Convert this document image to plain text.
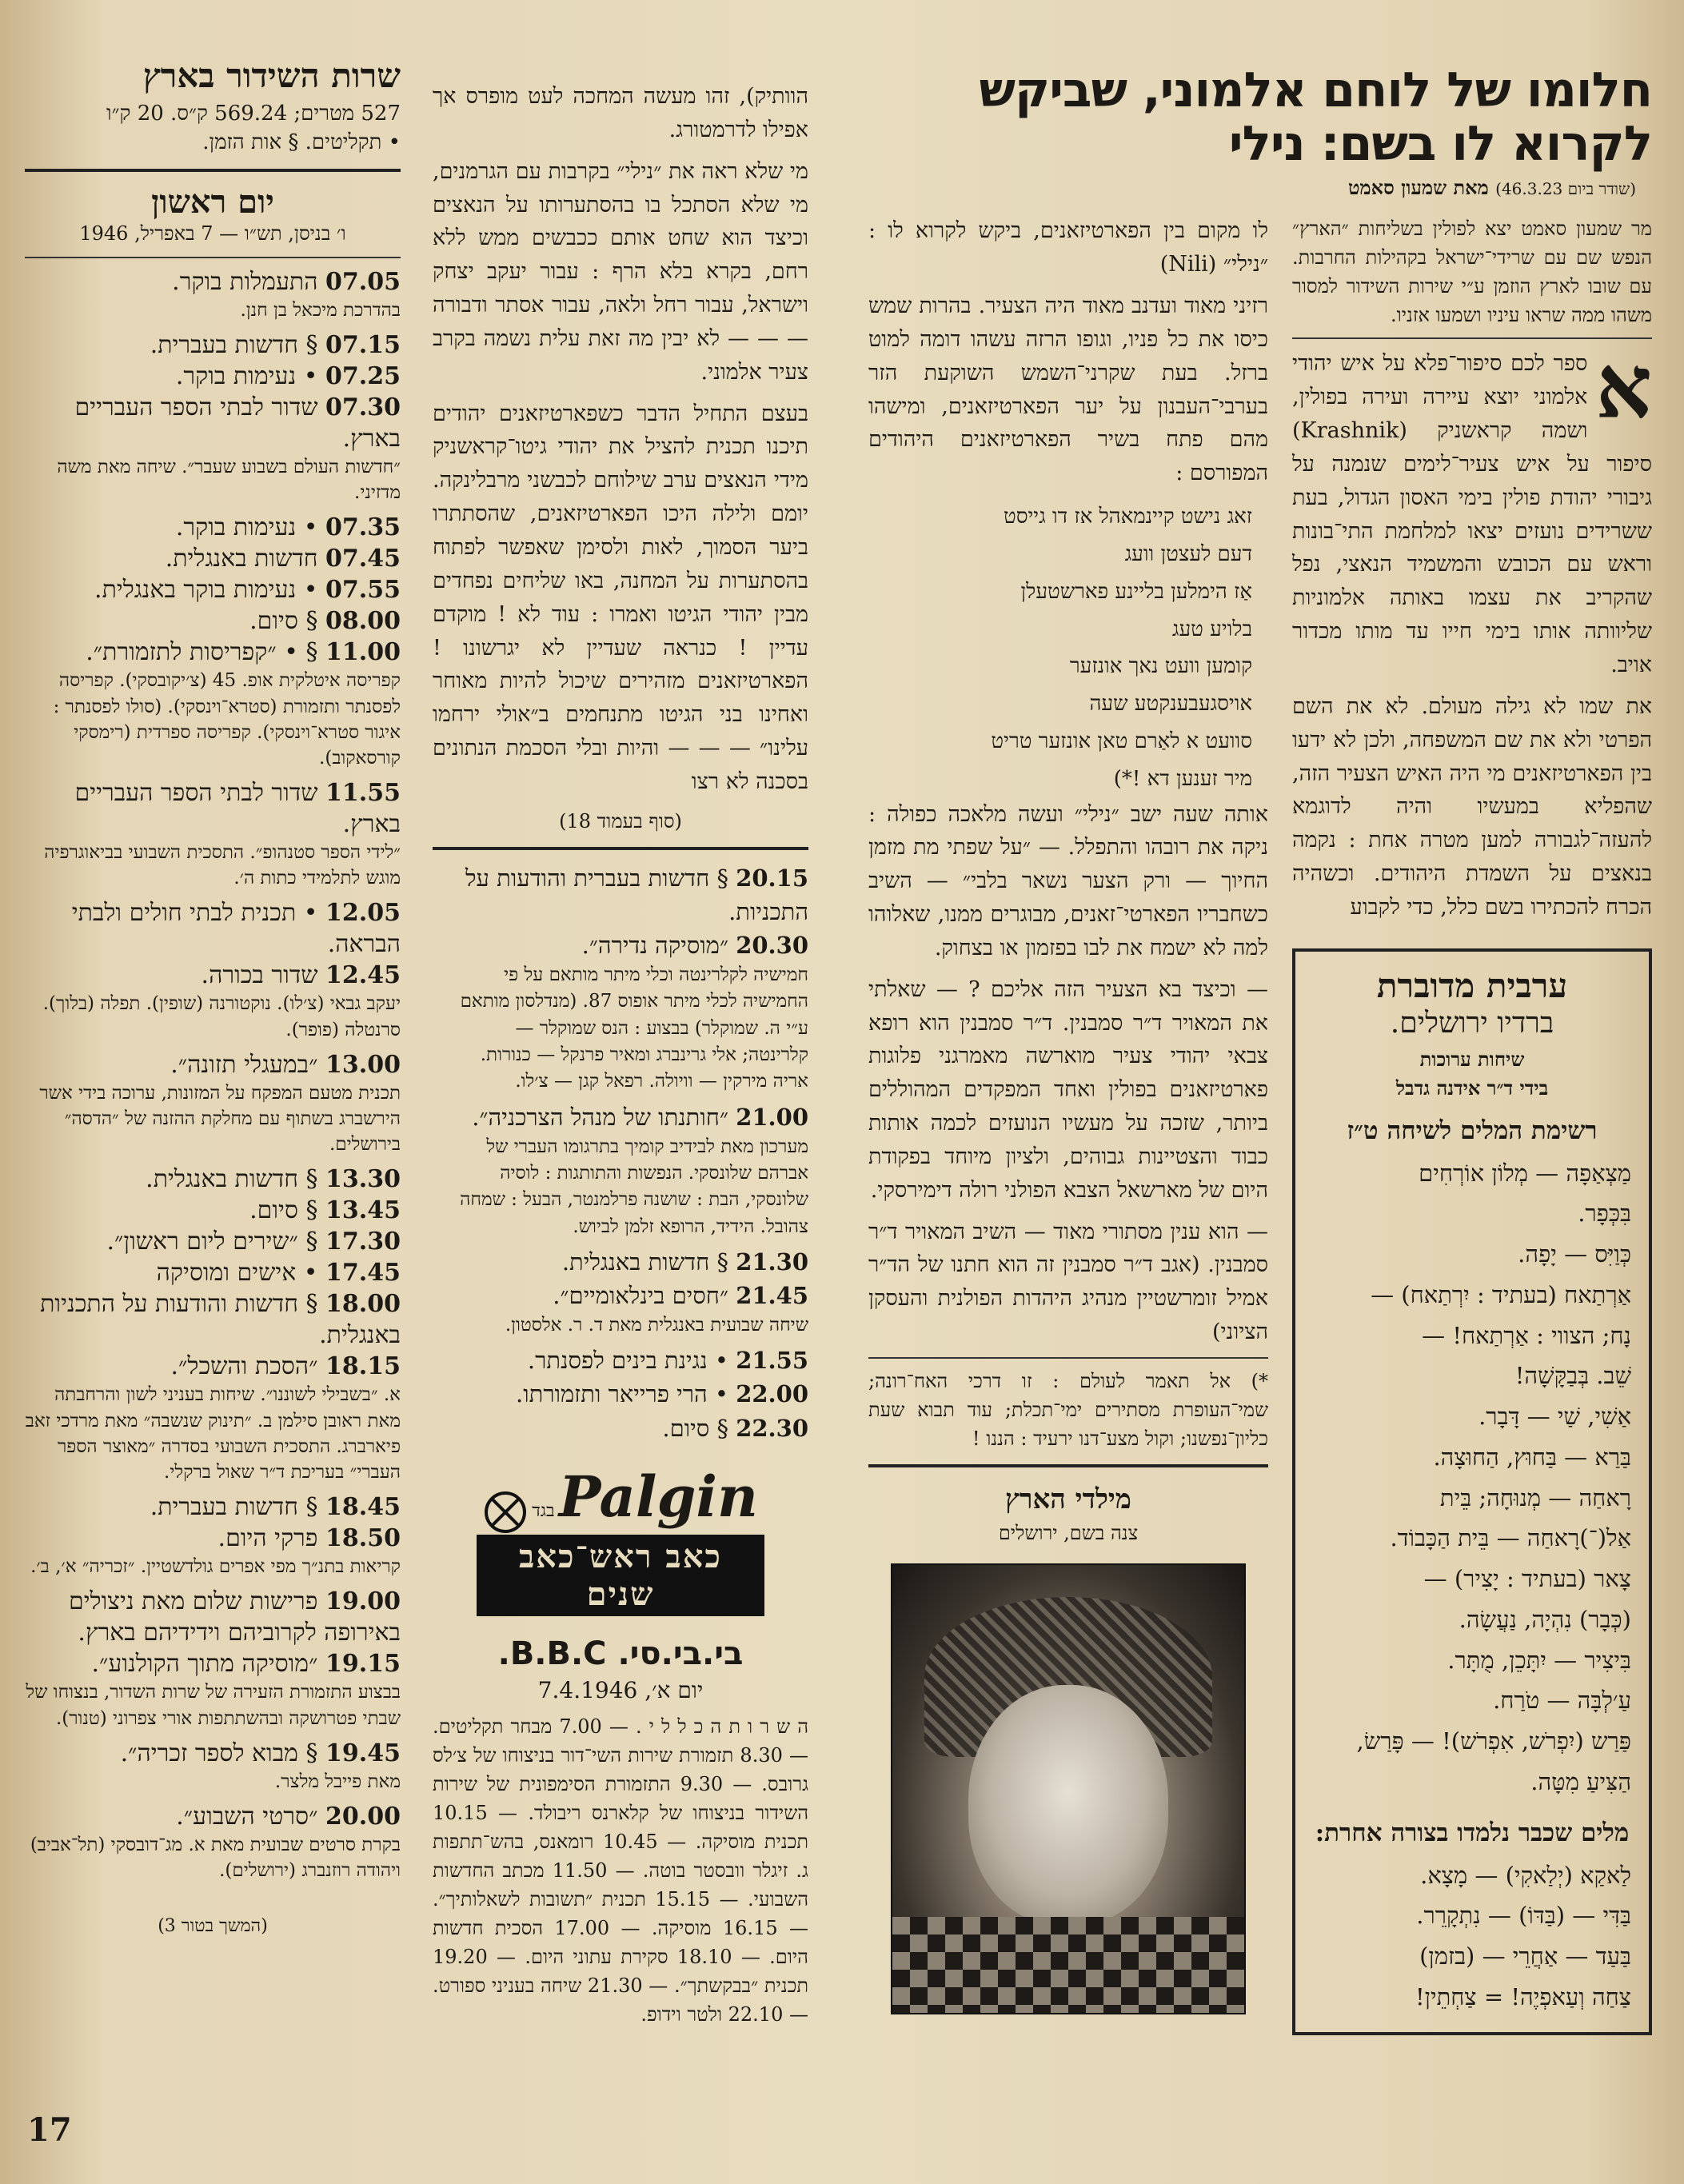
חלומו של לוחם אלמוני, שביקש לקרוא לו בשם: נילי
(שודר ביום 46.3.23) מאת שמעון סאמט

מר שמעון סאמט יצא לפולין בשליחות ״הארץ״ הנפש שם עם שרידי־ישראל בקהילות החרבות. עם שובו לארץ הוזמן ע״י שירות השידור למסור משהו ממה שראו עיניו ושמעו אזניו.

א
ספר לכם סיפור־פלא על איש יהודי אלמוני יוצא עיירה ועירה בפולין, ושמה קראשניק (Krashnik) סיפור על איש צעיר־לימים שנמנה על גיבורי יהודת פולין בימי האסון הגדול, בעת ששרידים נועזים יצאו למלחמת התי־בונות וראש עם הכובש והמשמיד הנאצי, נפל שהקריב את עצמו באותה אלמוניות שליוותה אותו בימי חייו עד מותו מכדור אויב.

את שמו לא גילה מעולם. לא את השם הפרטי ולא את שם המשפחה, ולכן לא ידעו בין הפארטיזאנים מי היה האיש הצעיר הזה, שהפליא במעשיו והיה לדוגמא להעזה־לגבורה למען מטרה אחת : נקמה בנאצים על השמדת היהודים. וכשהיה הכרח להכתירו בשם כלל, כדי לקבוע

ערבית מדוברת

ברדיו ירושלים.

שיחות ערוכות

בידי ד״ר אידנה גדבל

רשימת המלים לשיחה ט״ז

מַצְאַפָה — מְלוֹן אוֹרְחִים

בִּכְּפָר.

כְּוַיִּס — יָפָה.

אַרְתַאח (בעתיד : יִרְתַאח) —

נָח; הצווי : אַרְתַאח! —

שֵׁב. בְּבַקָּשָׁה!

אַשִׁי, שַׁי — דָּבָר.

בַּרַא — בַּחוּץ, הַחוּצָה.

רָאחַה — מְנוּחָה; בֵּית

אַל(־)רָאחַה — בֵּית הַכָּבוֹד.

צָאר (בעתיד : יָצִיר) —

(כְּבָר) נִהְיָה, נַעֲשָׂה.

בִּיצִיר — יִתָּכֵן, מֻתָּר.

עַ׳לְבָּה — טֹרַח.

פַּרַש (יִפְרֹש, אִפְרֹש)! — פָּרַשׂ,

הַצִּיעַ מִטָּה.

מלים שכבר נלמדו בצורה אחרת:

לַאקַא (יְלַאקִי) — מָצָא.

בַּדִּי — (בַּדּוֹ) — נִתְקָרֵר.

בַּעַד — אַחֲרֵי — (בזמן)

צַחַה וְעַאפְיֶה! = צַחְתֵין!

לו מקום בין הפארטיזאנים, ביקש לקרוא לו : ״נילי״ (Nili)

רזיני מאוד ועדנב מאוד היה הצעיר. בהרות שמש כיסו את כל פניו, וגופו הרזה עשהו דומה למוט ברזל. בעת שקרני־השמש השוקעת הזר בערבי־העבנון על יער הפארטיזאנים, ומישהו מהם פתח בשיר הפארטיזאנים היהודים המפורסם :

זאג נישט קיינמאהל אז דו גייסט
דעם לעצטן וועג
אַז הימלען בליינע פארשטעלן
בלויע טעג
קומען וועט נאך אונזער
אויסגעבענקטע שעה
סוועט א לאַרם טאן אונזער טריט
מיר זענען דא !*)

אותה שעה ישב ״נילי״ ועשה מלאכה כפולה : ניקה את רובהו והתפלל. — ״על שפתי מת מזמן החיוך — ורק הצער נשאר בלבי״ — השיב כשחבריו הפארטי־זאנים, מבוגרים ממנו, שאלוהו למה לא ישמח את לבו בפזמון או בצחוק.

— וכיצד בא הצעיר הזה אליכם ? — שאלתי את המאויר ד״ר סמבנין. ד״ר סמבנין הוא רופא צבאי יהודי צעיר מוארשה מאמרגני פלוגות פארטיזאנים בפולין ואחד המפקדים המהוללים ביותר, שזכה על מעשיו הנועזים לכמה אותות כבוד והצטיינות גבוהים, ולציון מיוחד בפקודת היום של מארשאל הצבא הפולני רולה דימירסקי.

— הוא ענין מסתורי מאוד — השיב המאויר ד״ר סמבנין. (אגב ד״ר סמבנין זה הוא חתנו של הד״ר אמיל זומרשטיין מנהיג היהדות הפולנית והעסקן הציוני)

*) אל תאמר לעולם : זו דרכי האח־רונה; שמי־העופרת מסתירים ימי־תכלת; עוד תבוא שעת כליון־נפשנו; וקול מצע־דנו ירעיד : הננו !

מילדי הארץ

צנה בשם, ירושלים

הוותיק), זהו מעשה המחכה לעט מופרס אך אפילו לדרמטורג.

מי שלא ראה את ״נילי״ בקרבות עם הגרמנים, מי שלא הסתכל בו בהסתערותו על הנאצים וכיצד הוא שחט אותם ככבשים ממש ללא רחם, בקרא בלא הרף : עבור יעקב יצחק וישראל, עבור רחל ולאה, עבור אסתר ודבורה — — — לא יבין מה זאת עלית נשמה בקרב צעיר אלמוני.

בעצם התחיל הדבר כשפארטיזאנים יהודים תיכנו תכנית להציל את יהודי גיטו־קראשניק מידי הנאצים ערב שילוחם לכבשני מרבלינקה. יומם ולילה היכו הפארטיזאנים, שהסתתרו ביער הסמוך, לאות ולסימן שאפשר לפתוח בהסתערות על המחנה, באו שליחים נפחדים מבין יהודי הגיטו ואמרו : עוד לא ! מוקדם עדיין ! כנראה שעדיין לא יגרשונו ! הפארטיזאנים מזהירים שיכול להיות מאוחר ואחינו בני הגיטו מתנחמים ב״אולי ירחמו עלינו״ — — — והיות ובלי הסכמת הנתונים בסכנה לא רצו

(סוף בעמוד 18)

20.15 § חדשות בעברית והודעות על התכניות.

20.30 ״מוסיקה נדירה״.

חמישיה לקלרינטה וכלי מיתר מותאם על פי החמישיה לכלי מיתר אופוס 87. (מנדלסון מותאם ע״י ה. שמוקלר) בבצוע : הנס שמוקלר — קלרינטה; אלי גרינברג ומאיר פרנקל — כנורות. אריה מירקין — וויולה. רפאל קגן — צ׳לו.

21.00 ״חותנתו של מנהל הצרכניה״.

מערכון מאת לבידיב קומיך בתרגומו העברי של אברהם שלונסקי. הנפשות והתותגות : לוסיה שלונסקי, הבת : שושנה פרלמנטר, הבעל : שמחה צהובל. הידיד, הרופא זלמן לביוש.

21.30 § חדשות באנגלית.

21.45 ״חסים בינלאומיים״.

שיחה שבועית באנגלית מאת ד. ר. אלסטון.

21.55 • נגינת בינים לפסנתר.

22.00 • הרי פרייאר ותזמורתו.

22.30 § סיום.

Palgin בגד
כאב ראש־כאב שנים

בי.בי.סי. B.B.C.

יום א׳, 7.4.1946

ה ש ר ו ת ה כ ל ל י . — 7.00 מבחר תקליטים. — 8.30 תזמורת שירות השי־דור בניצוחו של צ׳לס גרובס. — 9.30 התזמורת הסימפונית של שירות השידור בניצוחו של קלארנס ריבולד. — 10.15 תכנית מוסיקה. — 10.45 רומאנס, בהש־תתפות ג. זיגלר וובסטר בוטה. — 11.50 מכתב החדשות השבועי. — 15.15 תכנית ״תשובות לשאלותיך״. — 16.15 מוסיקה. — 17.00 הסכית חדשות היום. — 18.10 סקירת עתוני היום. — 19.20 תכנית ״בבקשתך״. — 21.30 שיחה בעניני ספורט. — 22.10 ולטר וידופ.

שרות השידור בארץ

527 מטרים; 569.24 ק״ס. 20 ק״ו

• תקליטים. § אות הזמן.

יום ראשון

ו׳ בניסן, תש״ו — 7 באפריל, 1946

07.05 התעמלות בוקר.

בהדרכת מיכאל בן חנן.

07.15 § חדשות בעברית.

07.25 • נעימות בוקר.

07.30 שדור לבתי הספר העבריים בארץ.

״חדשות העולם בשבוע שעבר״. שיחה מאת משה מדזיני.

07.35 • נעימות בוקר.

07.45 חדשות באנגלית.

07.55 • נעימות בוקר באנגלית.

08.00 § סיום.

11.00 § • ״קפריסות לתזמורת״.

קפריסה איטלקית אופ. 45 (צ׳יקובסקי). קפריסה לפסנתר ותזמורת (סטרא־וינסקי). (סולו לפסנתר : איגור סטרא־וינסקי). קפריסה ספרדית (רימסקי קורסאקוב).

11.55 שדור לבתי הספר העבריים בארץ.

״לידי הספר סטנהופ״. התסכית השבועי בביאוגרפיה מוגש לתלמידי כתות ה׳.

12.05 • תכנית לבתי חולים ולבתי הבראה.

12.45 שדור בכורה.

יעקב גבאי (צ׳לו). נוקטורנה (שופין). תפלה (בלוך). סרנטלה (פופר).

13.00 ״במעגלי תזונה״.

תכנית מטעם המפקח על המזונות, ערוכה בידי אשר הירשברג בשתוף עם מחלקת ההזנה של ״הדסה״ בירושלים.

13.30 § חדשות באנגלית.

13.45 § סיום.

17.30 § ״שירים ליום ראשון״.

17.45 • אישים ומוסיקה

18.00 § חדשות והודעות על התכניות באנגלית.

18.15 ״הסכת והשכל״.

א. ״בשבילי לשוננו״. שיחות בעניני לשון והרחבתה מאת ראובן סילמן ב. ״תינוק שנשבה״ מאת מרדכי זאב פיארברג. התסכית השבועי בסדרה ״מאוצר הספר העברי״ בעריכת ד״ר שאול ברקלי.

18.45 § חדשות בעברית.

18.50 פרקי היום.

קריאות בתנ״ך מפי אפרים גולדשטיין. ״זכריה״ א׳, ב׳.

19.00 פרישות שלום מאת ניצולים באירופה לקרוביהם וידידיהם בארץ.

19.15 ״מוסיקה מתוך הקולנוע״.

בבצוע התזמורת הזעירה של שרות השדור, בנצוחו של שבתי פטרושקה ובהשתתפות אורי צפרוני (טנור).

19.45 § מבוא לספר זכריה״.

מאת פייבל מלצר.

20.00 ״סרטי השבוע״.

בקרת סרטים שבועית מאת א. מג־דובסקי (תל־אביב) ויהודה רוזנברג (ירושלים).

(המשך בטור 3)

17
